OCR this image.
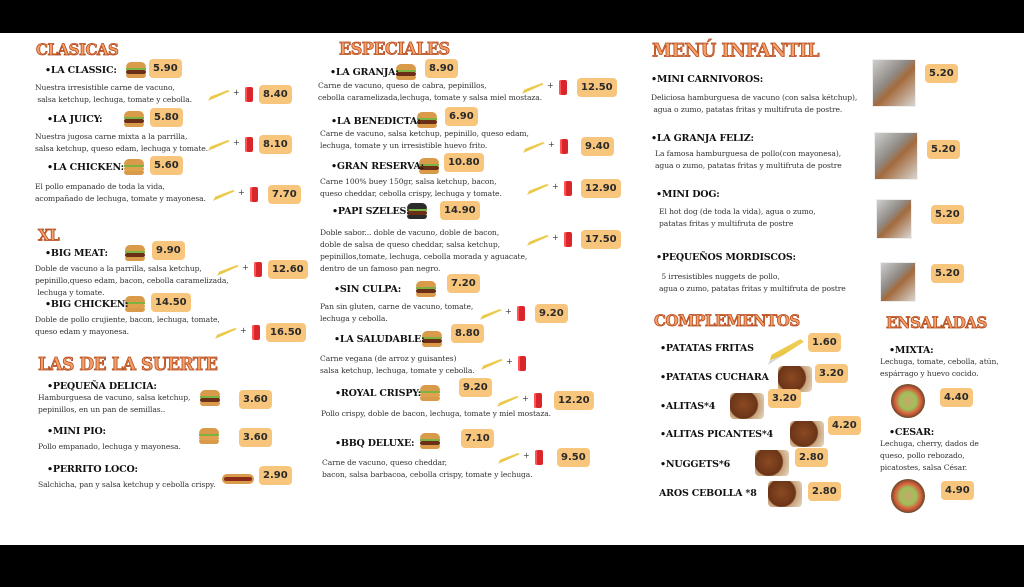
CLASICAS
•LA CLASSIC:
Nuestra irresistible carne de vacuno,
salsa ketchup, lechuga, tomate y cebolla.
5.90
+	8.40
•LA JUICY:
Nuestra jugosa carne mixta a la parrilla,
salsa ketchup, queso edam, lechuga y tomate.
5.80
+	8.10
•LA CHICKEN:
El pollo empanado de toda la vida,
acompañado de lechuga, tomate y mayonesa.
5.60
+	7.70
XL
•BIG MEAT:
Doble de vacuno a la parrilla, salsa ketchup,
pepinillo,queso edam, bacon, cebolla caramelizada,
lechuga y tomate.
9.90
+	12.60
•BIG CHICKEN:
Doble de pollo crujiente, bacon, lechuga, tomate,
queso edam y mayonesa.
14.50
+	16.50
LAS DE LA SUERTE
•PEQUEÑA DELICIA:
Hamburguesa de vacuno, salsa ketchup,
pepinillos, en un pan de semillas..
3.60
•MINI PIO:
Pollo empanado, lechuga y mayonesa.
3.60
•PERRITO LOCO:
Salchicha, pan y salsa ketchup y cebolla crispy.
2.90
ESPECIALES
•LA GRANJA:
Carne de vacuno, queso de cabra, pepinillos,
cebolla caramelizada,lechuga, tomate y salsa miel mostaza.
8.90
+	12.50
•LA BENEDICTA:
Carne de vacuno, salsa ketchup, pepinillo, queso edam,
lechuga, tomate y un irresistible huevo frito.
6.90
+	9.40
•GRAN RESERVA:
Carne 100% buey 150gr, salsa ketchup, bacon,
queso cheddar, cebolla crispy, lechuga y tomate.
10.80
+	12.90
•PAPI SZELES:
Doble sabor... doble de vacuno, doble de bacon,
doble de salsa de queso cheddar, salsa ketchup,
pepinillos,tomate, lechuga, cebolla morada y aguacate,
dentro de un famoso pan negro.
14.90
+	17.50
•SIN CULPA:
Pan sin gluten, carne de vacuno, tomate,
lechuga y cebolla.
7.20
+	9.20
•LA SALUDABLE:
Carne vegana (de arroz y guisantes)
salsa ketchup, lechuga, tomate y cebolla.
8.80
+
•ROYAL CRISPY:
Pollo crispy, doble de bacon, lechuga, tomate y miel mostaza.
9.20
+	12.20
•BBQ DELUXE:
Carne de vacuno, queso cheddar,
bacon, salsa barbacoa, cebolla crispy, tomate y lechuga.
7.10
+	9.50
MENÚ INFANTIL
•MINI CARNIVOROS:
Deliciosa hamburguesa de vacuno (con salsa kétchup),
agua o zumo, patatas fritas y multifruta de postre.
5.20
•LA GRANJA FELIZ:
La famosa hamburguesa de pollo(con mayonesa),
agua o zumo, patatas fritas y multifruta de postre
5.20
•MINI DOG:
El hot dog (de toda la vida), agua o zumo,
patatas fritas y multifruta de postre
5.20
•PEQUEÑOS MORDISCOS:
5 irresistibles nuggets de pollo,
agua o zumo, patatas fritas y multifruta de postre
5.20
COMPLEMENTOS
•PATATAS FRITAS
1.60
•PATATAS CUCHARA	3.20
•ALITAS*4
3.20
•ALITAS PICANTES*4
4.20
•NUGGETS*6
2.80
AROS CEBOLLA *8	2.80
ENSALADAS
•MIXTA:
Lechuga, tomate, cebolla, atún,
espárrago y huevo cocido.
4.40
•CESAR:
Lechuga, cherry, dados de
queso, pollo rebozado,
picatostes, salsa César.
4.90
